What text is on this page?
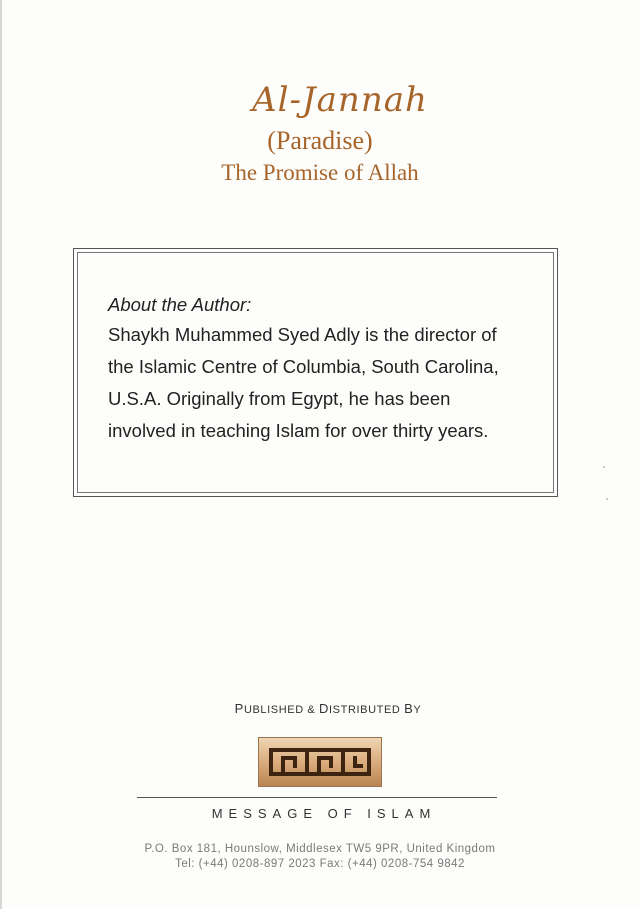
Al-Jannah
(Paradise)
The Promise of Allah
About the Author:
Shaykh Muhammed Syed Adly is the director of
the Islamic Centre of Columbia, South Carolina,
U.S.A. Originally from Egypt, he has been
involved in teaching Islam for over thirty years.
PUBLISHED & DISTRIBUTED BY
MESSAGE OF ISLAM
P.O. Box 181, Hounslow, Middlesex TW5 9PR, United Kingdom
Tel: (+44) 0208-897 2023 Fax: (+44) 0208-754 9842
